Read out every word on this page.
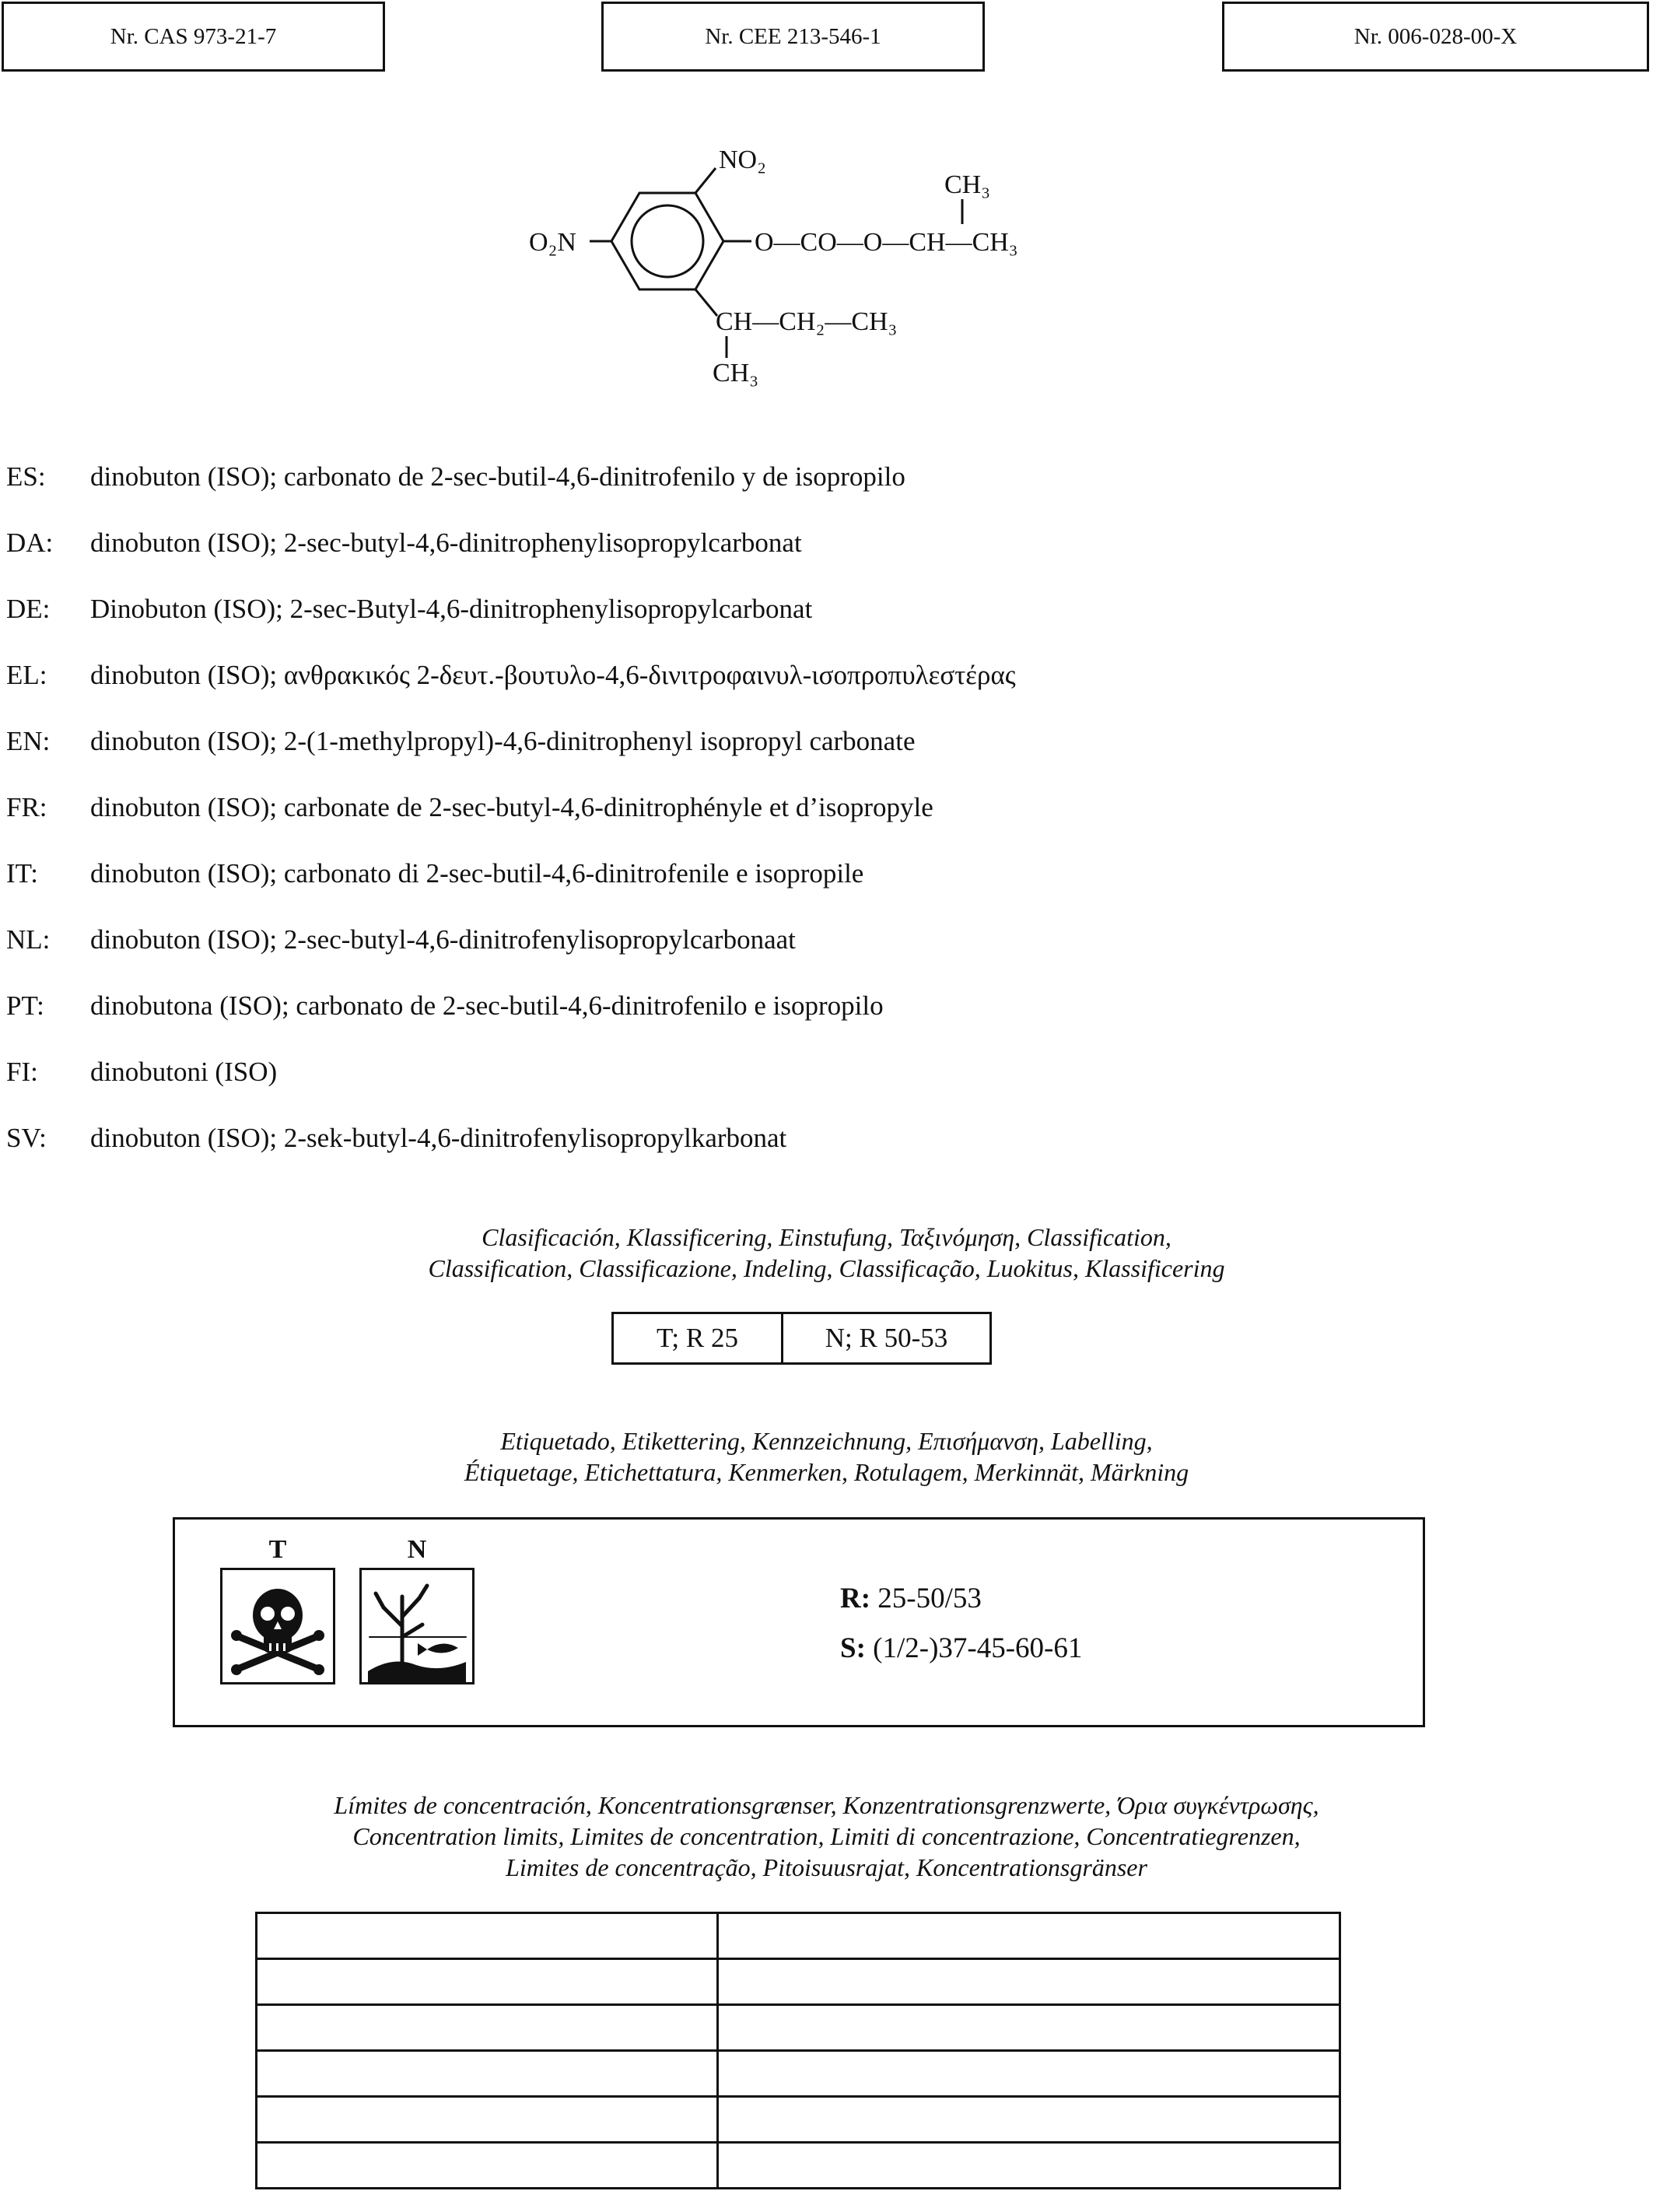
Nr. CAS 973-21-7	Nr. CEE 213-546-1	Nr. 006-028-00-X
NO₂
O₂N	O—CO—O—CH—CH₃
CH₃
CH—CH₂—CH₃
CH₃
ES:	dinobuton (ISO); carbonato de 2-sec-butil-4,6-dinitrofenilo y de isopropilo
DA:	dinobuton (ISO); 2-sec-butyl-4,6-dinitrophenylisopropylcarbonat
DE:	Dinobuton (ISO); 2-sec-Butyl-4,6-dinitrophenylisopropylcarbonat
EL:	dinobuton (ISO); ανθρακικός 2-δευτ.-βουτυλο-4,6-δινιτροφαινυλ-ισοπροπυλεστέρας
EN:	dinobuton (ISO); 2-(1-methylpropyl)-4,6-dinitrophenyl isopropyl carbonate
FR:	dinobuton (ISO); carbonate de 2-sec-butyl-4,6-dinitrophényle et d’isopropyle
IT:	dinobuton (ISO); carbonato di 2-sec-butil-4,6-dinitrofenile e isopropile
NL:	dinobuton (ISO); 2-sec-butyl-4,6-dinitrofenylisopropylcarbonaat
PT:	dinobutona (ISO); carbonato de 2-sec-butil-4,6-dinitrofenilo e isopropilo
FI:	dinobutoni (ISO)
SV:	dinobuton (ISO); 2-sek-butyl-4,6-dinitrofenylisopropylkarbonat
Clasificación, Klassificering, Einstufung, Ταξινόμηση, Classification,
Classification, Classificazione, Indeling, Classificação, Luokitus, Klassificering
T; R 25	N; R 50-53
Etiquetado, Etikettering, Kennzeichnung, Επισήμανση, Labelling,
Étiquetage, Etichettatura, Kenmerken, Rotulagem, Merkinnät, Märkning
T	N
R: 25-50/53
S: (1/2-)37-45-60-61
Límites de concentración, Koncentrationsgrænser, Konzentrationsgrenzwerte, Όρια συγκέντρωσης,
Concentration limits, Limites de concentration, Limiti di concentrazione, Concentratiegrenzen,
Limites de concentração, Pitoisuusrajat, Koncentrationsgränser
